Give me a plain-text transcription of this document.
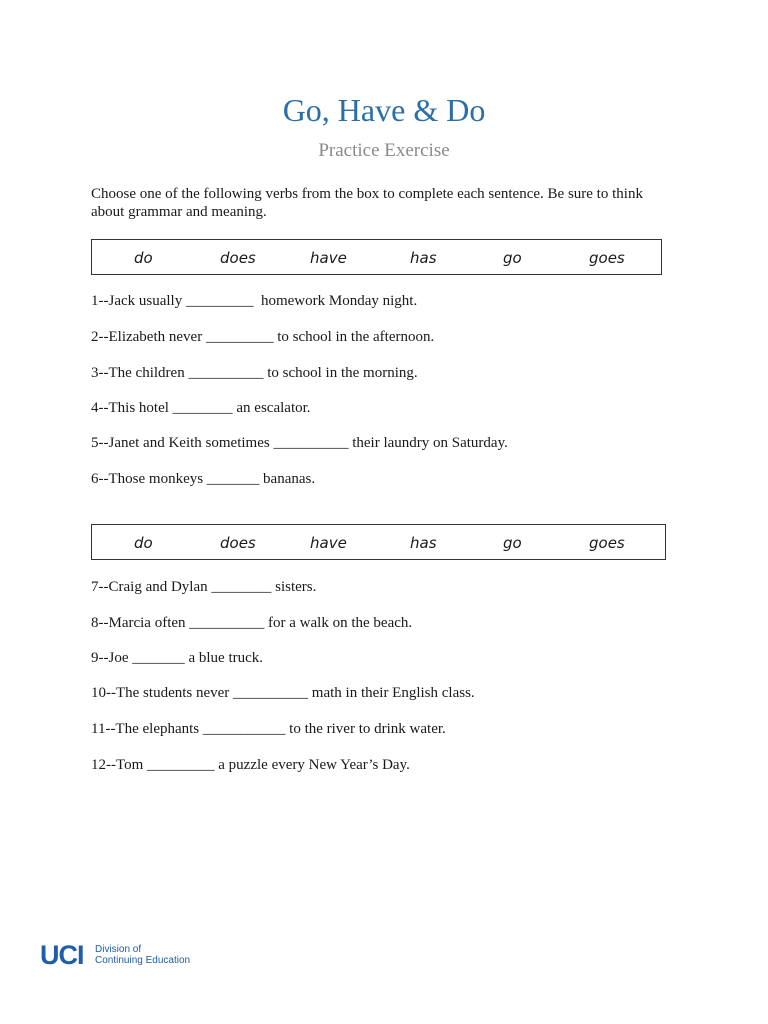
Go, Have & Do
Practice Exercise
Choose one of the following verbs from the box to complete each sentence. Be sure to think about grammar and meaning.
do	does	have	has	go	goes
1--Jack usually _________  homework Monday night.
2--Elizabeth never _________ to school in the afternoon.
3--The children __________ to school in the morning.
4--This hotel ________ an escalator.
5--Janet and Keith sometimes __________ their laundry on Saturday.
6--Those monkeys _______ bananas.
do	does	have	has	go	goes
7--Craig and Dylan ________ sisters.
8--Marcia often __________ for a walk on the beach.
9--Joe _______ a blue truck.
10--The students never __________ math in their English class.
11--The elephants ___________ to the river to drink water.
12--Tom _________ a puzzle every New Year’s Day.
UCI Division of
Continuing Education
